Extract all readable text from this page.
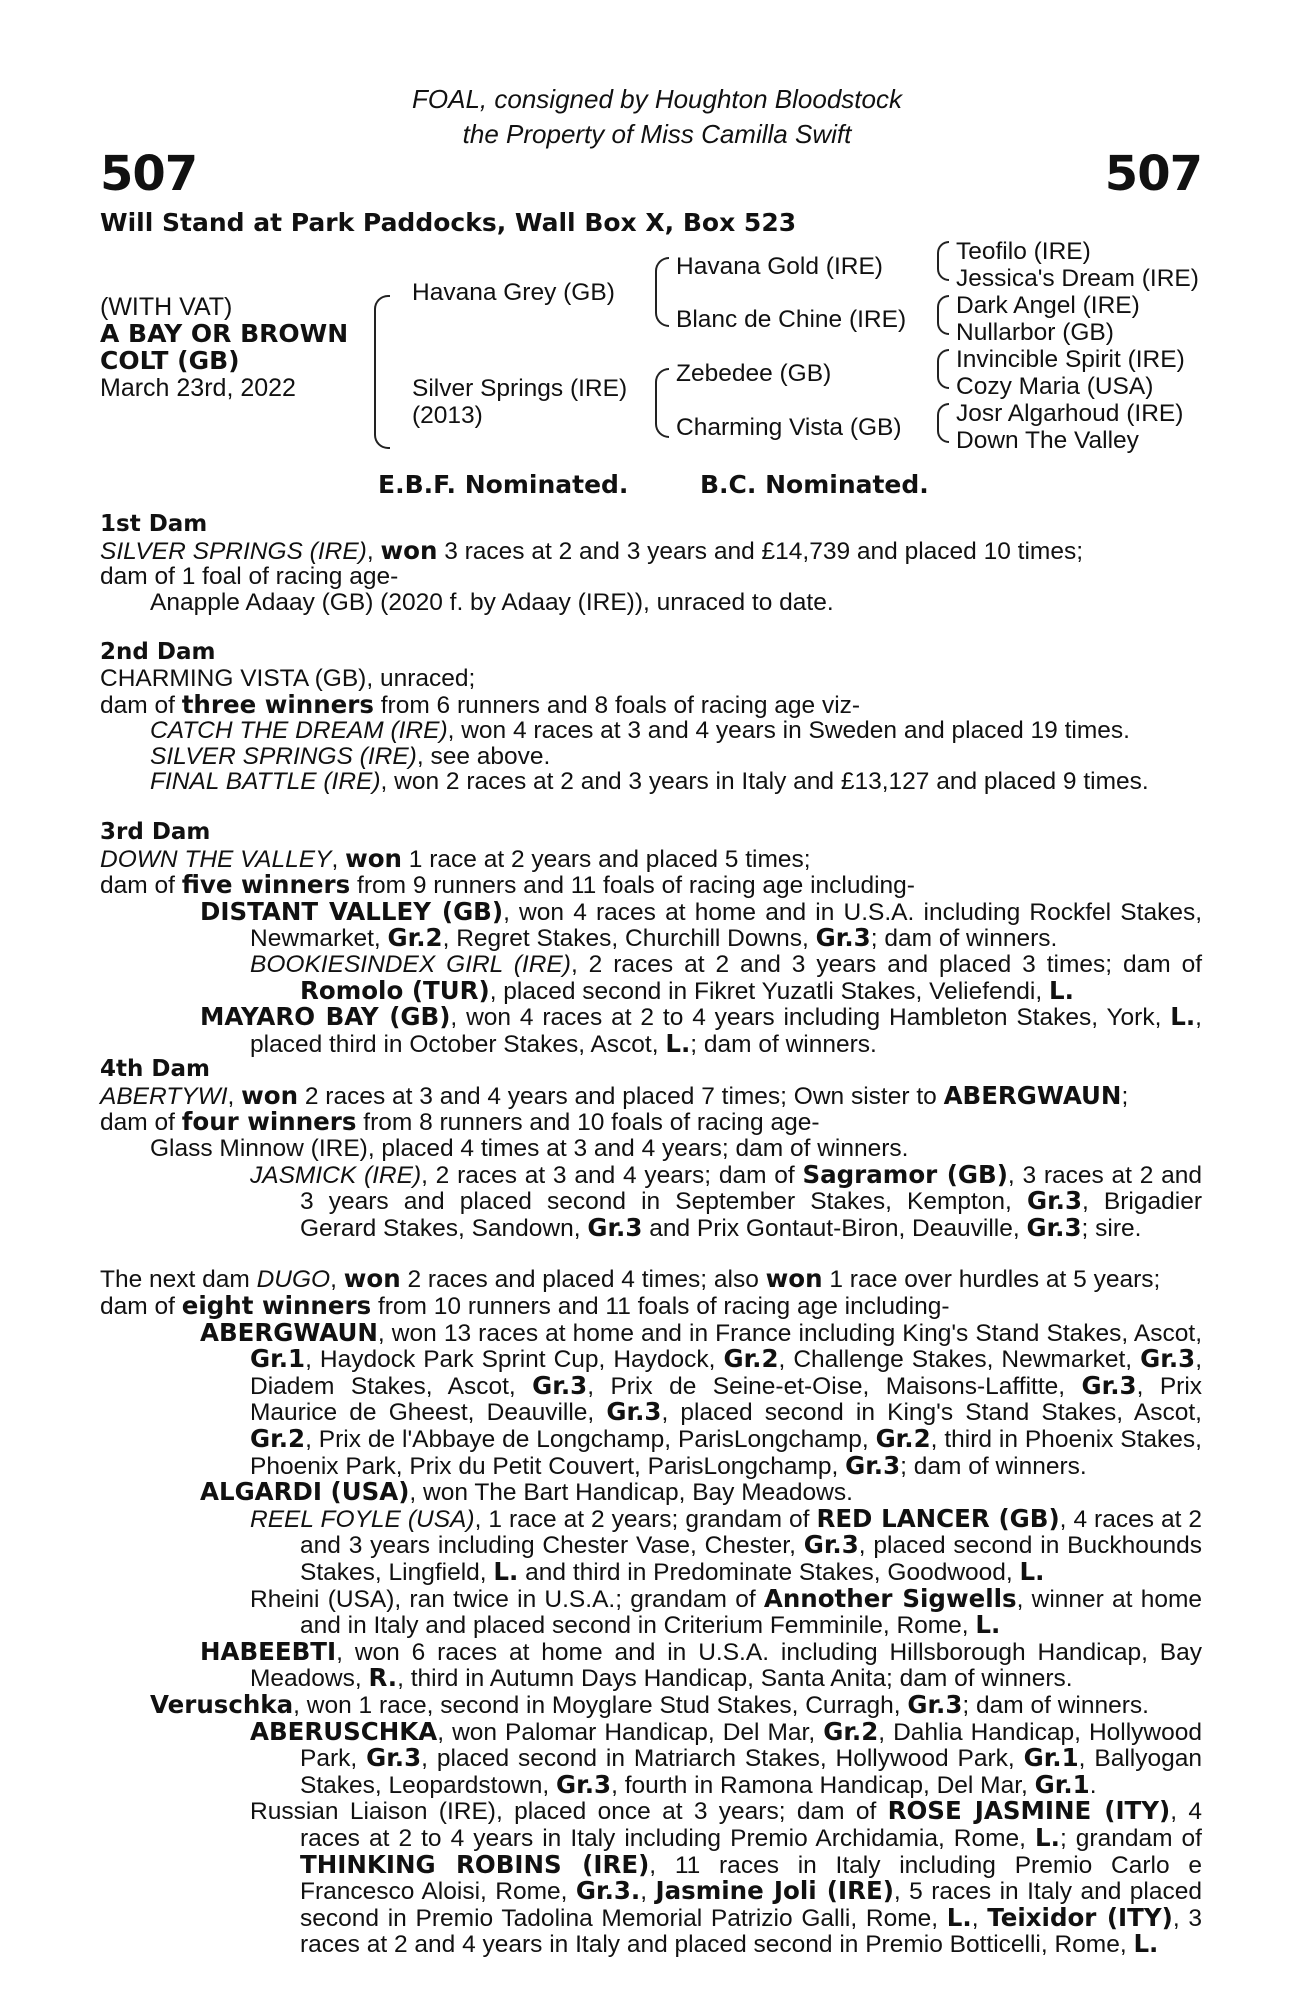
FOAL, consigned by Houghton Bloodstock
the Property of Miss Camilla Swift
507	507
Will Stand at Park Paddocks, Wall Box X, Box 523
(WITH VAT)
A BAY OR BROWN
COLT (GB)
March 23rd, 2022
Havana Grey (GB)
Silver Springs (IRE)
(2013)
Havana Gold (IRE)
Blanc de Chine (IRE)
Zebedee (GB)
Charming Vista (GB)
Teofilo (IRE)
Jessica's Dream (IRE)
Dark Angel (IRE)
Nullarbor (GB)
Invincible Spirit (IRE)
Cozy Maria (USA)
Josr Algarhoud (IRE)
Down The Valley
E.B.F. Nominated.	B.C. Nominated.

1st Dam

SILVER SPRINGS (IRE), won 3 races at 2 and 3 years and £14,739 and placed 10 times;

dam of 1 foal of racing age-

Anapple Adaay (GB) (2020 f. by Adaay (IRE)), unraced to date.

2nd Dam

CHARMING VISTA (GB), unraced;

dam of three winners from 6 runners and 8 foals of racing age viz-

CATCH THE DREAM (IRE), won 4 races at 3 and 4 years in Sweden and placed 19 times.

SILVER SPRINGS (IRE), see above.

FINAL BATTLE (IRE), won 2 races at 2 and 3 years in Italy and £13,127 and placed 9 times.

3rd Dam

DOWN THE VALLEY, won 1 race at 2 years and placed 5 times;

dam of five winners from 9 runners and 11 foals of racing age including-

DISTANT VALLEY (GB), won 4 races at home and in U.S.A. including Rockfel Stakes, Newmarket, Gr.2, Regret Stakes, Churchill Downs, Gr.3; dam of winners.

BOOKIESINDEX GIRL (IRE), 2 races at 2 and 3 years and placed 3 times; dam of Romolo (TUR), placed second in Fikret Yuzatli Stakes, Veliefendi, L.

MAYARO BAY (GB), won 4 races at 2 to 4 years including Hambleton Stakes, York, L., placed third in October Stakes, Ascot, L.; dam of winners.

4th Dam

ABERTYWI, won 2 races at 3 and 4 years and placed 7 times; Own sister to ABERGWAUN;

dam of four winners from 8 runners and 10 foals of racing age-

Glass Minnow (IRE), placed 4 times at 3 and 4 years; dam of winners.

JASMICK (IRE), 2 races at 3 and 4 years; dam of Sagramor (GB), 3 races at 2 and 3 years and placed second in September Stakes, Kempton, Gr.3, Brigadier Gerard Stakes, Sandown, Gr.3 and Prix Gontaut-Biron, Deauville, Gr.3; sire.

The next dam DUGO, won 2 races and placed 4 times; also won 1 race over hurdles at 5 years;

dam of eight winners from 10 runners and 11 foals of racing age including-

ABERGWAUN, won 13 races at home and in France including King's Stand Stakes, Ascot, Gr.1, Haydock Park Sprint Cup, Haydock, Gr.2, Challenge Stakes, Newmarket, Gr.3, Diadem Stakes, Ascot, Gr.3, Prix de Seine-et-Oise, Maisons-Laffitte, Gr.3, Prix Maurice de Gheest, Deauville, Gr.3, placed second in King's Stand Stakes, Ascot, Gr.2, Prix de l'Abbaye de Longchamp, ParisLongchamp, Gr.2, third in Phoenix Stakes, Phoenix Park, Prix du Petit Couvert, ParisLongchamp, Gr.3; dam of winners.

ALGARDI (USA), won The Bart Handicap, Bay Meadows.

REEL FOYLE (USA), 1 race at 2 years; grandam of RED LANCER (GB), 4 races at 2 and 3 years including Chester Vase, Chester, Gr.3, placed second in Buckhounds Stakes, Lingfield, L. and third in Predominate Stakes, Goodwood, L.

Rheini (USA), ran twice in U.S.A.; grandam of Annother Sigwells, winner at home and in Italy and placed second in Criterium Femminile, Rome, L.

HABEEBTI, won 6 races at home and in U.S.A. including Hillsborough Handicap, Bay Meadows, R., third in Autumn Days Handicap, Santa Anita; dam of winners.

Veruschka, won 1 race, second in Moyglare Stud Stakes, Curragh, Gr.3; dam of winners.

ABERUSCHKA, won Palomar Handicap, Del Mar, Gr.2, Dahlia Handicap, Hollywood Park, Gr.3, placed second in Matriarch Stakes, Hollywood Park, Gr.1, Ballyogan Stakes, Leopardstown, Gr.3, fourth in Ramona Handicap, Del Mar, Gr.1.

Russian Liaison (IRE), placed once at 3 years; dam of ROSE JASMINE (ITY), 4 races at 2 to 4 years in Italy including Premio Archidamia, Rome, L.; grandam of THINKING ROBINS (IRE), 11 races in Italy including Premio Carlo e Francesco Aloisi, Rome, Gr.3., Jasmine Joli (IRE), 5 races in Italy and placed second in Premio Tadolina Memorial Patrizio Galli, Rome, L., Teixidor (ITY), 3 races at 2 and 4 years in Italy and placed second in Premio Botticelli, Rome, L.
